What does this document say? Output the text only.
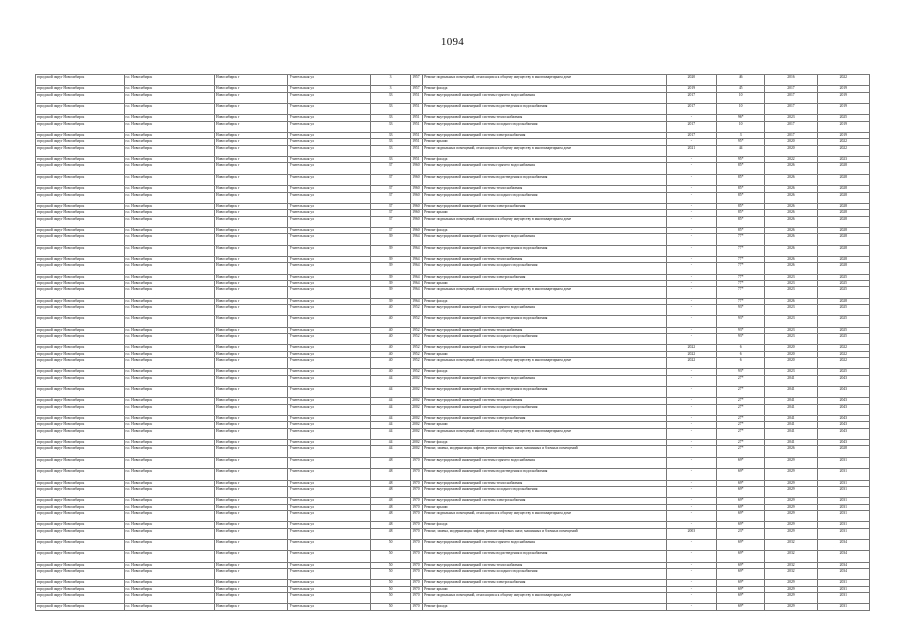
1094
городской округ Новосибирск	г.о. Новосибирск	Новосибирск г	Учительская ул	3	1957	Ремонт подвальных помещений, относящихся к общему имуществу в многоквартирном доме	2020	46	2016	2022
городской округ Новосибирск	г.о. Новосибирск	Новосибирск г	Учительская ул	3	1957	Ремонт фасада	2019	45	2017	2019
городской округ Новосибирск	г.о. Новосибирск	Новосибирск г	Учительская ул	33	1951	Ремонт внутридомовой инженерной системы горячего водоснабжения	2017	10	2017	2019
городской округ Новосибирск	г.о. Новосибирск	Новосибирск г	Учительская ул	33	1951	Ремонт внутридомовой инженерной системы водоотведения и водоснабжения	2017	10	2017	2019
городской округ Новосибирск	г.о. Новосибирск	Новосибирск г	Учительская ул	33	1951	Ремонт внутридомовой инженерной системы теплоснабжения	-	96*	2023	2025
городской округ Новосибирск	г.о. Новосибирск	Новосибирск г	Учительская ул	33	1951	Ремонт внутридомовой инженерной системы холодного водоснабжения	2017	10	2017	2019
городской округ Новосибирск	г.о. Новосибирск	Новосибирск г	Учительская ул	33	1951	Ремонт внутридомовой инженерной системы электроснабжения	2017	3	2017	2019
городской округ Новосибирск	г.о. Новосибирск	Новосибирск г	Учительская ул	33	1951	Ремонт крыши	-	95*	2020	2022
городской округ Новосибирск	г.о. Новосибирск	Новосибирск г	Учительская ул	33	1951	Ремонт подвальных помещений, относящихся к общему имуществу в многоквартирном доме	2021	44	2020	2022
городской округ Новосибирск	г.о. Новосибирск	Новосибирск г	Учительская ул	33	1951	Ремонт фасада	-	95*	2022	2023
городской округ Новосибирск	г.о. Новосибирск	Новосибирск г	Учительская ул	37	1960	Ремонт внутридомовой инженерной системы горячего водоснабжения	-	85*	2026	2028
городской округ Новосибирск	г.о. Новосибирск	Новосибирск г	Учительская ул	37	1960	Ремонт внутридомовой инженерной системы водоотведения и водоснабжения	-	85*	2026	2028
городской округ Новосибирск	г.о. Новосибирск	Новосибирск г	Учительская ул	37	1960	Ремонт внутридомовой инженерной системы теплоснабжения	-	85*	2026	2028
городской округ Новосибирск	г.о. Новосибирск	Новосибирск г	Учительская ул	37	1960	Ремонт внутридомовой инженерной системы холодного водоснабжения	-	85*	2026	2028
городской округ Новосибирск	г.о. Новосибирск	Новосибирск г	Учительская ул	37	1960	Ремонт внутридомовой инженерной системы электроснабжения	-	85*	2026	2028
городской округ Новосибирск	г.о. Новосибирск	Новосибирск г	Учительская ул	37	1960	Ремонт крыши	-	85*	2026	2028
городской округ Новосибирск	г.о. Новосибирск	Новосибирск г	Учительская ул	37	1960	Ремонт подвальных помещений, относящихся к общему имуществу в многоквартирном доме	-	85*	2026	2028
городской округ Новосибирск	г.о. Новосибирск	Новосибирск г	Учительская ул	37	1960	Ремонт фасада	-	85*	2026	2028
городской округ Новосибирск	г.о. Новосибирск	Новосибирск г	Учительская ул	39	1964	Ремонт внутридомовой инженерной системы горячего водоснабжения	-	77*	2026	2028
городской округ Новосибирск	г.о. Новосибирск	Новосибирск г	Учительская ул	39	1964	Ремонт внутридомовой инженерной системы водоотведения и водоснабжения	-	77*	2026	2028
городской округ Новосибирск	г.о. Новосибирск	Новосибирск г	Учительская ул	39	1964	Ремонт внутридомовой инженерной системы теплоснабжения	-	77*	2026	2028
городской округ Новосибирск	г.о. Новосибирск	Новосибирск г	Учительская ул	39	1964	Ремонт внутридомовой инженерной системы холодного водоснабжения	-	77*	2026	2028
городской округ Новосибирск	г.о. Новосибирск	Новосибирск г	Учительская ул	39	1964	Ремонт внутридомовой инженерной системы электроснабжения	-	77*	2023	2025
городской округ Новосибирск	г.о. Новосибирск	Новосибирск г	Учительская ул	39	1964	Ремонт крыши	-	77*	2023	2025
городской округ Новосибирск	г.о. Новосибирск	Новосибирск г	Учительская ул	39	1964	Ремонт подвальных помещений, относящихся к общему имуществу в многоквартирном доме	-	77*	2023	2025
городской округ Новосибирск	г.о. Новосибирск	Новосибирск г	Учительская ул	39	1964	Ремонт фасада	-	77*	2026	2028
городской округ Новосибирск	г.о. Новосибирск	Новосибирск г	Учительская ул	40	1952	Ремонт внутридомовой инженерной системы горячего водоснабжения	-	93*	2023	2025
городской округ Новосибирск	г.о. Новосибирск	Новосибирск г	Учительская ул	40	1952	Ремонт внутридомовой инженерной системы водоотведения и водоснабжения	-	93*	2023	2025
городской округ Новосибирск	г.о. Новосибирск	Новосибирск г	Учительская ул	40	1952	Ремонт внутридомовой инженерной системы теплоснабжения	-	93*	2023	2025
городской округ Новосибирск	г.о. Новосибирск	Новосибирск г	Учительская ул	40	1952	Ремонт внутридомовой инженерной системы холодного водоснабжения	-	93*	2023	2025
городской округ Новосибирск	г.о. Новосибирск	Новосибирск г	Учительская ул	40	1952	Ремонт внутридомовой инженерной системы электроснабжения	2022	6	2020	2022
городской округ Новосибирск	г.о. Новосибирск	Новосибирск г	Учительская ул	40	1952	Ремонт крыши	2022	6	2020	2022
городской округ Новосибирск	г.о. Новосибирск	Новосибирск г	Учительская ул	40	1952	Ремонт подвальных помещений, относящихся к общему имуществу в многоквартирном доме	2022	6	2020	2022
городской округ Новосибирск	г.о. Новосибирск	Новосибирск г	Учительская ул	40	1952	Ремонт фасада	-	93*	2023	2025
городской округ Новосибирск	г.о. Новосибирск	Новосибирск г	Учительская ул	44	2002	Ремонт внутридомовой инженерной системы горячего водоснабжения	-	27*	2041	2043
городской округ Новосибирск	г.о. Новосибирск	Новосибирск г	Учительская ул	44	2002	Ремонт внутридомовой инженерной системы водоотведения и водоснабжения	-	27*	2041	2043
городской округ Новосибирск	г.о. Новосибирск	Новосибирск г	Учительская ул	44	2002	Ремонт внутридомовой инженерной системы теплоснабжения	-	27*	2041	2043
городской округ Новосибирск	г.о. Новосибирск	Новосибирск г	Учительская ул	44	2002	Ремонт внутридомовой инженерной системы холодного водоснабжения	-	27*	2041	2043
городской округ Новосибирск	г.о. Новосибирск	Новосибирск г	Учительская ул	44	2002	Ремонт внутридомовой инженерной системы электроснабжения	-	27*	2041	2043
городской округ Новосибирск	г.о. Новосибирск	Новосибирск г	Учительская ул	44	2002	Ремонт крыши	-	27*	2041	2043
городской округ Новосибирск	г.о. Новосибирск	Новосибирск г	Учительская ул	44	2002	Ремонт подвальных помещений, относящихся к общему имуществу в многоквартирном доме	-	27*	2041	2043
городской округ Новосибирск	г.о. Новосибирск	Новосибирск г	Учительская ул	44	2002	Ремонт фасада	-	27*	2041	2043
городской округ Новосибирск	г.о. Новосибирск	Новосибирск г	Учительская ул	44	2002	Ремонт, замена, модернизация лифтов, ремонт лифтовых шахт, машинных и блочных помещений	-	27*	2026	2028
городской округ Новосибирск	г.о. Новосибирск	Новосибирск г	Учительская ул	48	1970	Ремонт внутридомовой инженерной системы горячего водоснабжения	-	69*	2029	2031
городской округ Новосибирск	г.о. Новосибирск	Новосибирск г	Учительская ул	48	1970	Ремонт внутридомовой инженерной системы водоотведения и водоснабжения	-	69*	2029	2031
городской округ Новосибирск	г.о. Новосибирск	Новосибирск г	Учительская ул	48	1970	Ремонт внутридомовой инженерной системы теплоснабжения	-	69*	2029	2031
городской округ Новосибирск	г.о. Новосибирск	Новосибирск г	Учительская ул	48	1970	Ремонт внутридомовой инженерной системы холодного водоснабжения	-	69*	2029	2031
городской округ Новосибирск	г.о. Новосибирск	Новосибирск г	Учительская ул	48	1970	Ремонт внутридомовой инженерной системы электроснабжения	-	69*	2029	2031
городской округ Новосибирск	г.о. Новосибирск	Новосибирск г	Учительская ул	48	1970	Ремонт крыши	-	69*	2029	2031
городской округ Новосибирск	г.о. Новосибирск	Новосибирск г	Учительская ул	48	1970	Ремонт подвальных помещений, относящихся к общему имуществу в многоквартирном доме	-	69*	2029	2031
городской округ Новосибирск	г.о. Новосибирск	Новосибирск г	Учительская ул	48	1970	Ремонт фасада	-	69*	2029	2031
городской округ Новосибирск	г.о. Новосибирск	Новосибирск г	Учительская ул	48	1970	Ремонт, замена, модернизация лифтов, ремонт лифтовых шахт, машинных и блочных помещений	2003	23*	2029	2031
городской округ Новосибирск	г.о. Новосибирск	Новосибирск г	Учительская ул	50	1970	Ремонт внутридомовой инженерной системы горячего водоснабжения	-	69*	2032	2034
городской округ Новосибирск	г.о. Новосибирск	Новосибирск г	Учительская ул	50	1970	Ремонт внутридомовой инженерной системы водоотведения и водоснабжения	-	69*	2032	2034
городской округ Новосибирск	г.о. Новосибирск	Новосибирск г	Учительская ул	50	1970	Ремонт внутридомовой инженерной системы теплоснабжения	-	69*	2032	2034
городской округ Новосибирск	г.о. Новосибирск	Новосибирск г	Учительская ул	50	1970	Ремонт внутридомовой инженерной системы холодного водоснабжения	-	69*	2032	2034
городской округ Новосибирск	г.о. Новосибирск	Новосибирск г	Учительская ул	50	1970	Ремонт внутридомовой инженерной системы электроснабжения	-	69*	2029	2031
городской округ Новосибирск	г.о. Новосибирск	Новосибирск г	Учительская ул	50	1970	Ремонт крыши	-	69*	2029	2031
городской округ Новосибирск	г.о. Новосибирск	Новосибирск г	Учительская ул	50	1970	Ремонт подвальных помещений, относящихся к общему имуществу в многоквартирном доме	-	69*	2029	2031
городской округ Новосибирск	г.о. Новосибирск	Новосибирск г	Учительская ул	50	1970	Ремонт фасада	-	69*	2029	2031
